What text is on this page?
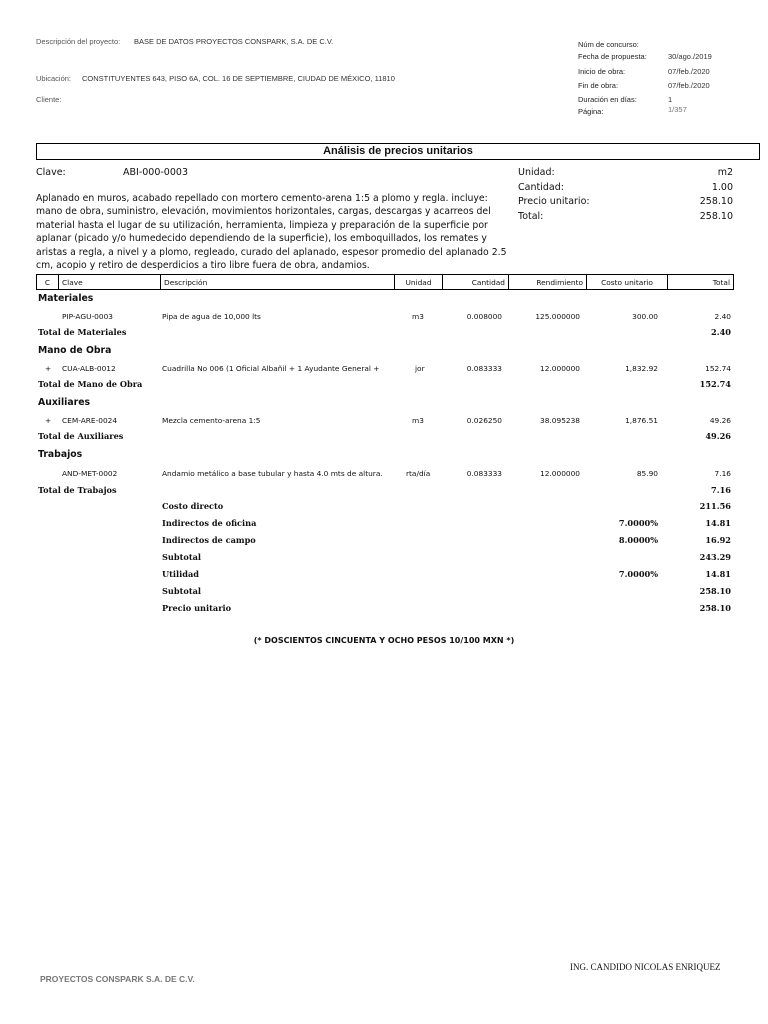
Descripción del proyecto: BASE DE DATOS PROYECTOS CONSPARK, S.A. DE C.V.
Ubicación: CONSTITUYENTES 643, PISO 6A, COL. 16 DE SEPTIEMBRE, CIUDAD DE MÉXICO, 11810
Cliente:
Núm de concurso:
Fecha de propuesta:	30/ago./2019
Inicio de obra:	07/feb./2020
Fin de obra:	07/feb./2020
Duración en días:	1
Página:	1/357
Análisis de precios unitarios
Clave:	ABI-000-0003
Aplanado en muros, acabado repellado con mortero cemento-arena 1:5 a plomo y regla. incluye: mano de obra, suministro, elevación, movimientos horizontales, cargas, descargas y acarreos del material hasta el lugar de su utilización, herramienta, limpieza y preparación de la superficie por aplanar (picado y/o humedecido dependiendo de la superficie), los emboquillados, los remates y aristas a regla, a nivel y a plomo, regleado, curado del aplanado, espesor promedio del aplanado 2.5 cm, acopio y retiro de desperdicios a tiro libre fuera de obra, andamios.
Unidad:	m2
Cantidad:	1.00
Precio unitario:	258.10
Total:	258.10
C	Clave	Descripción	Unidad	Cantidad	Rendimiento	Costo unitario	Total
Materiales
PIP-AGU-0003	Pipa de agua de 10,000 lts	m3	0.008000	125.000000	300.00	2.40
Total de Materiales	2.40
Mano de Obra
+ CUA-ALB-0012	Cuadrilla No 006 (1 Oficial Albañil + 1 Ayudante General +	jor	0.083333	12.000000	1,832.92	152.74
Total de Mano de Obra	152.74
Auxiliares
+ CEM-ARE-0024	Mezcla cemento-arena 1:5	m3	0.026250	38.095238	1,876.51	49.26
Total de Auxiliares	49.26
Trabajos
AND-MET-0002	Andamio metálico a base tubular y hasta 4.0 mts de altura.	rta/día	0.083333	12.000000	85.90	7.16
Total de Trabajos	7.16
Costo directo	211.56
Indirectos de oficina	7.0000%	14.81
Indirectos de campo	8.0000%	16.92
Subtotal	243.29
Utilidad	7.0000%	14.81
Subtotal	258.10
Precio unitario	258.10
(* DOSCIENTOS CINCUENTA Y OCHO PESOS 10/100 MXN *)
ING. CANDIDO NICOLAS ENRIQUEZ
PROYECTOS CONSPARK S.A. DE C.V.
